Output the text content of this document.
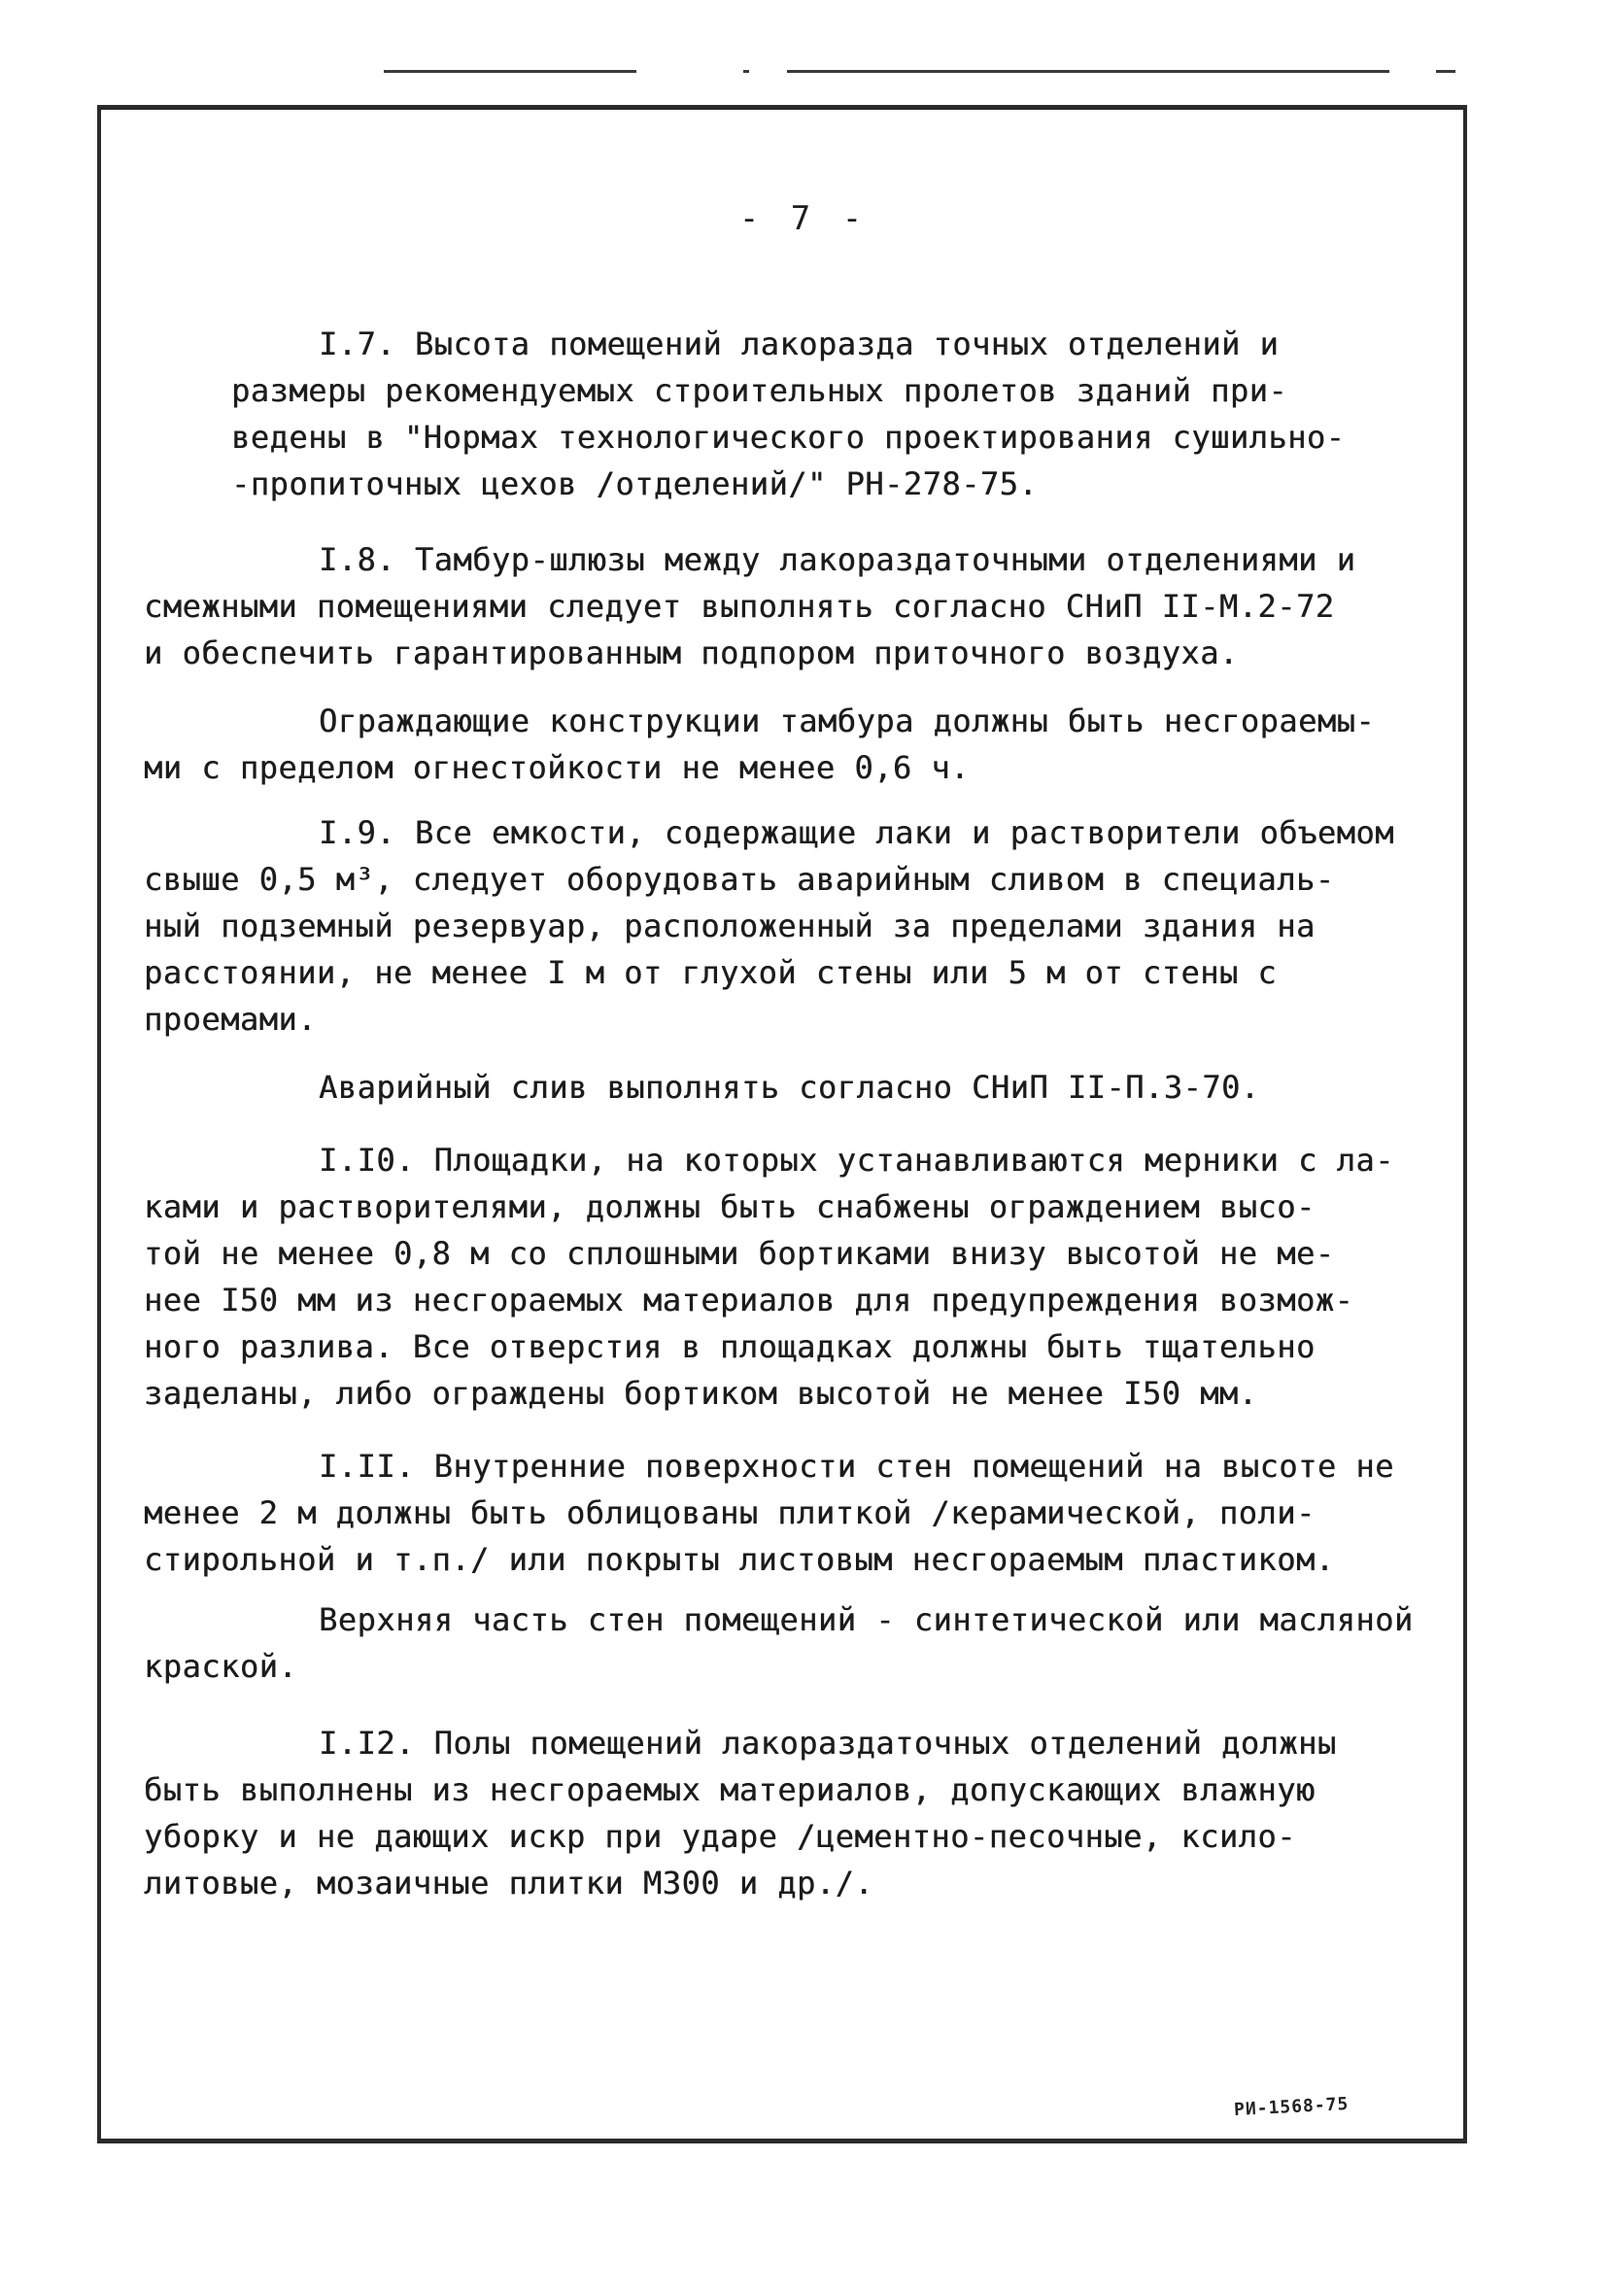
- 7 -
I.7. Высота помещений лакоразда точных отделений и
размеры рекомендуемых строительных пролетов зданий при-
ведены в "Нормах технологического проектирования сушильно-
-пропиточных цехов /отделений/" РН-278-75.
I.8. Тамбур-шлюзы между лакораздаточными отделениями и
смежными помещениями следует выполнять согласно СНиП II-М.2-72
и обеспечить гарантированным подпором приточного воздуха.
Ограждающие конструкции тамбура должны быть несгораемы-
ми с пределом огнестойкости не менее 0,6 ч.
I.9. Все емкости, содержащие лаки и растворители объемом
свыше 0,5 м³, следует оборудовать аварийным сливом в специаль-
ный подземный резервуар, расположенный за пределами здания на
расстоянии, не менее I м от глухой стены или 5 м от стены с
проемами.
Аварийный слив выполнять согласно СНиП II-П.3-70.
I.I0. Площадки, на которых устанавливаются мерники с ла-
ками и растворителями, должны быть снабжены ограждением высо-
той не менее 0,8 м со сплошными бортиками внизу высотой не ме-
нее I50 мм из несгораемых материалов для предупреждения возмож-
ного разлива. Все отверстия в площадках должны быть тщательно
заделаны, либо ограждены бортиком высотой не менее I50 мм.
I.II. Внутренние поверхности стен помещений на высоте не
менее 2 м должны быть облицованы плиткой /керамической, поли-
стирольной и т.п./ или покрыты листовым несгораемым пластиком.
Верхняя часть стен помещений - синтетической или масляной
краской.
I.I2. Полы помещений лакораздаточных отделений должны
быть выполнены из несгораемых материалов, допускающих влажную
уборку и не дающих искр при ударе /цементно-песочные, ксило-
литовые, мозаичные плитки М300 и др./.
РИ-1568-75
